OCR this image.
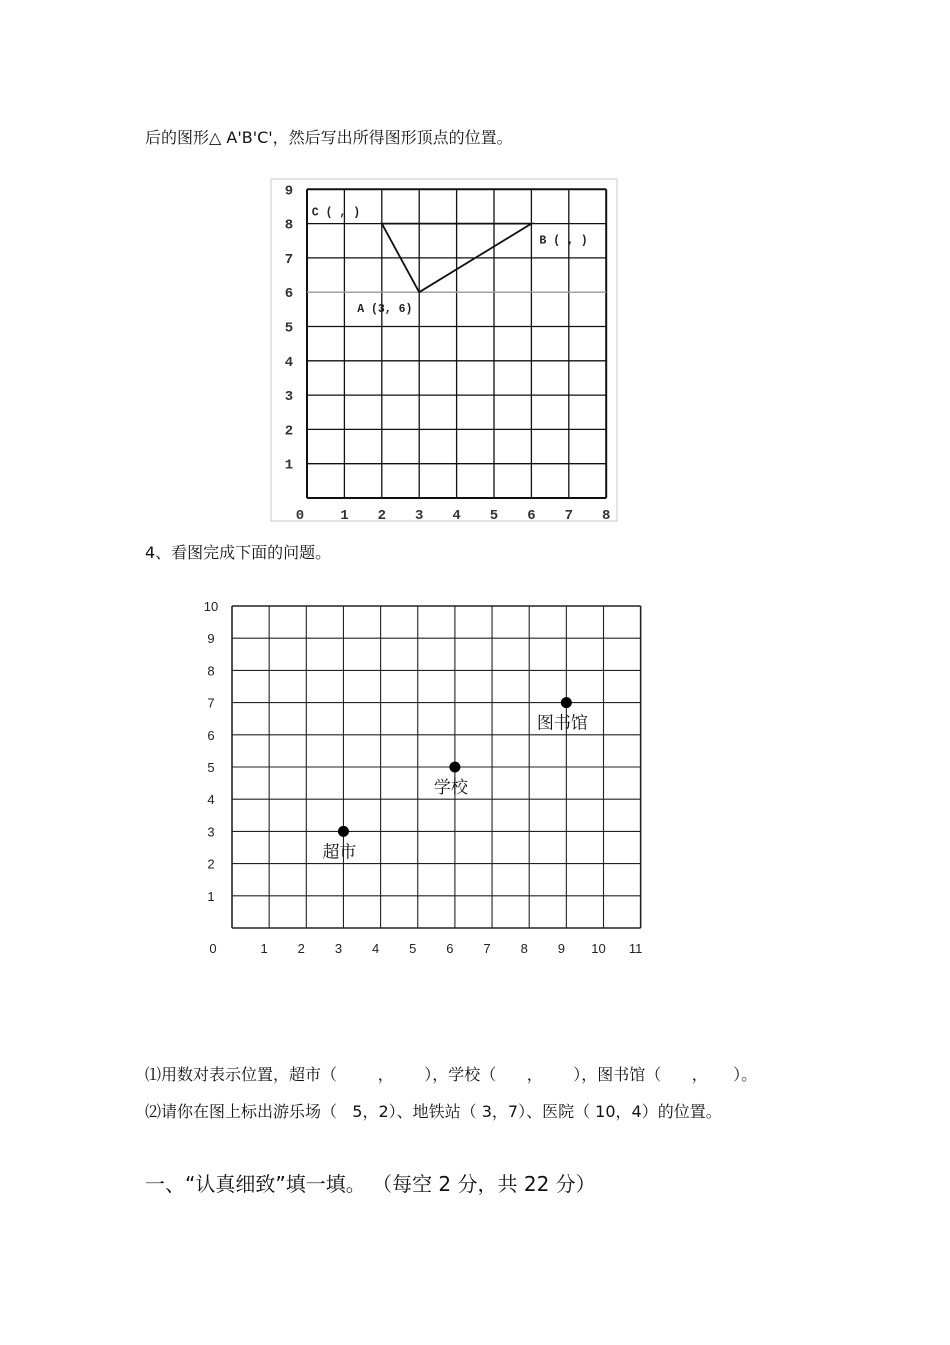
后的图形△ A'B'C'，然后写出所得图形顶点的位置。
0	1 2 3 4 5 6 7 8
1
2
3
4
5
6
7
8
9
A (3, 6)
B ( , )
C ( , )
4、看图完成下面的问题。
0	1 2 3 4 5 6 7 8 9 10 11
1
2
3
4
5
6
7
8
9
10
超市
学校
图书馆
⑴用数对表示位置，超市（        ，      ），学校（      ，      ），图书馆（      ，     ）。
⑵请你在图上标出游乐场（   5，2）、地铁站（ 3，7）、医院（ 10，4）的位置。
一、“认真细致”填一填。 （每空 2 分，共 22 分）
